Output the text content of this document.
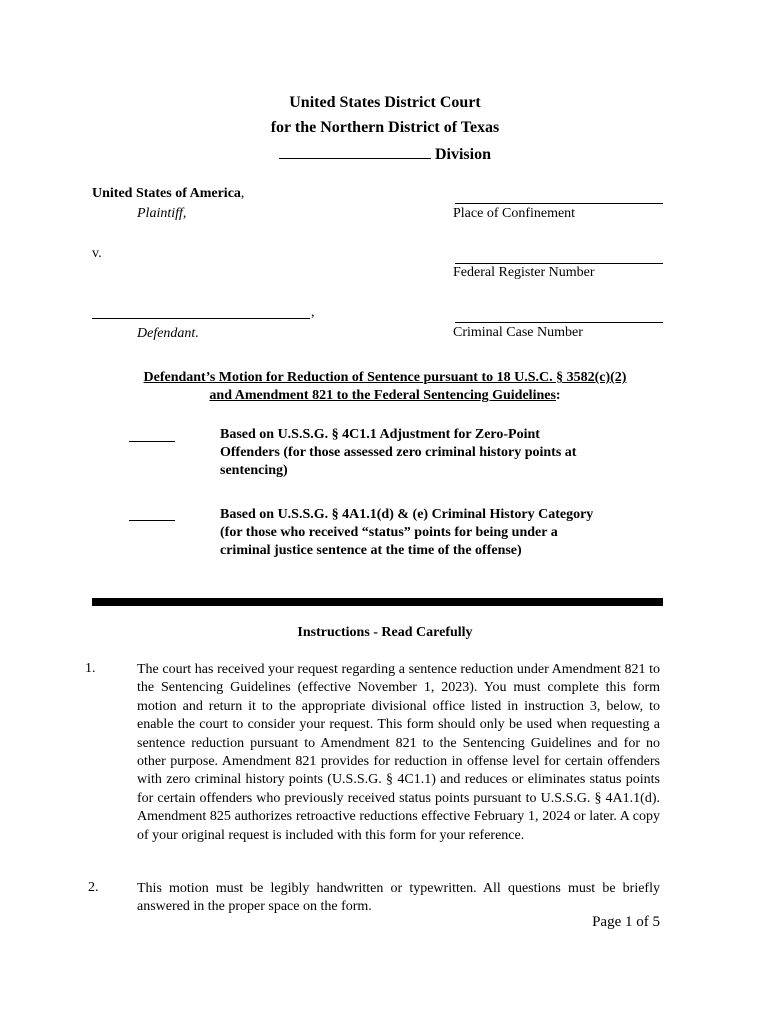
United States District Court
for the Northern District of Texas
Division
United States of America,
Plaintiff,
v.
,
Defendant.
Place of Confinement
Federal Register Number
Criminal Case Number
Defendant’s Motion for Reduction of Sentence pursuant to 18 U.S.C. § 3582(c)(2)
and Amendment 821 to the Federal Sentencing Guidelines:
Based on U.S.S.G. § 4C1.1 Adjustment for Zero-Point
Offenders (for those assessed zero criminal history points at
sentencing)
Based on U.S.S.G. § 4A1.1(d) & (e) Criminal History Category
(for those who received “status” points for being under a
criminal justice sentence at the time of the offense)
Instructions - Read Carefully
1.	The court has received your request regarding a sentence reduction under Amendment 821 to the Sentencing Guidelines (effective November 1, 2023). You must complete this form motion and return it to the appropriate divisional office listed in instruction 3, below, to enable the court to consider your request. This form should only be used when requesting a sentence reduction pursuant to Amendment 821 to the Sentencing Guidelines and for no other purpose. Amendment 821 provides for reduction in offense level for certain offenders with zero criminal history points (U.S.S.G. § 4C1.1) and reduces or eliminates status points for certain offenders who previously received status points pursuant to U.S.S.G. § 4A1.1(d). Amendment 825 authorizes retroactive reductions effective February 1, 2024 or later. A copy of your original request is included with this form for your reference.
2.	This motion must be legibly handwritten or typewritten. All questions must be briefly answered in the proper space on the form.
Page 1 of 5
